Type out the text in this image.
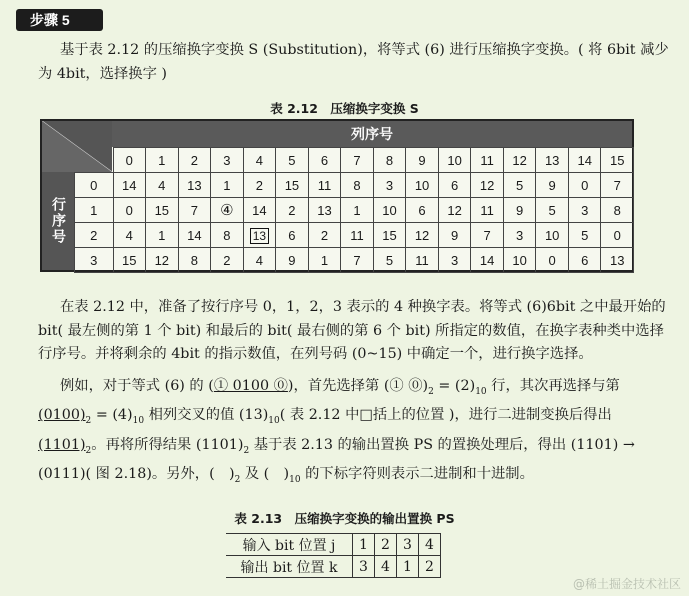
步骤 5

基于表 2.12 的压缩换字变换 S (Substitution)，将等式 (6) 进行压缩换字变换。( 将 6bit 减少为 4bit，选择换字 )

表 2.12　压缩换字变换 S
列序号
行序号
	0	1	2	3	4	5	6	7	8	9	10	11	12	13	14	15
0	14	4	13	1	2	15	11	8	3	10	6	12	5	9	0	7
1	0	15	7	④	14	2	13	1	10	6	12	11	9	5	3	8
2	4	1	14	8	13	6	2	11	15	12	9	7	3	10	5	0
3	15	12	8	2	4	9	1	7	5	11	3	14	10	0	6	13

在表 2.12 中，准备了按行序号 0，1，2，3 表示的 4 种换字表。将等式 (6)6bit 之中最开始的 bit( 最左侧的第 1 个 bit) 和最后的 bit( 最右侧的第 6 个 bit) 所指定的数值，在换字表种类中选择行序号。并将剩余的 4bit 的指示数值，在列号码 (0~15) 中确定一个，进行换字选择。

例如，对于等式 (6) 的 (① 0100 ⓪)，首先选择第 (① $⓪)_2 = (2)_{10}$ 行，其次再选择与第 $(0100)_2 = (4)_{10}$ 相列交叉的值 $(13)_{10}$( 表 2.12 中□括上的位置 )，进行二进制变换后得出 $(1101)_2$。再将所得结果 $(1101)_2$ 基于表 2.13 的输出置换 PS 的置换处理后，得出 (1101) → (0111)( 图 2.18)。另外，(　)$_2$ 及 (　)$_{10}$ 的下标字符则表示二进制和十进制。

表 2.13　压缩换字变换的输出置换 PS
输入 bit 位置 j	1	2	3	4
输出 bit 位置 k	3	4	1	2
@稀土掘金技术社区
